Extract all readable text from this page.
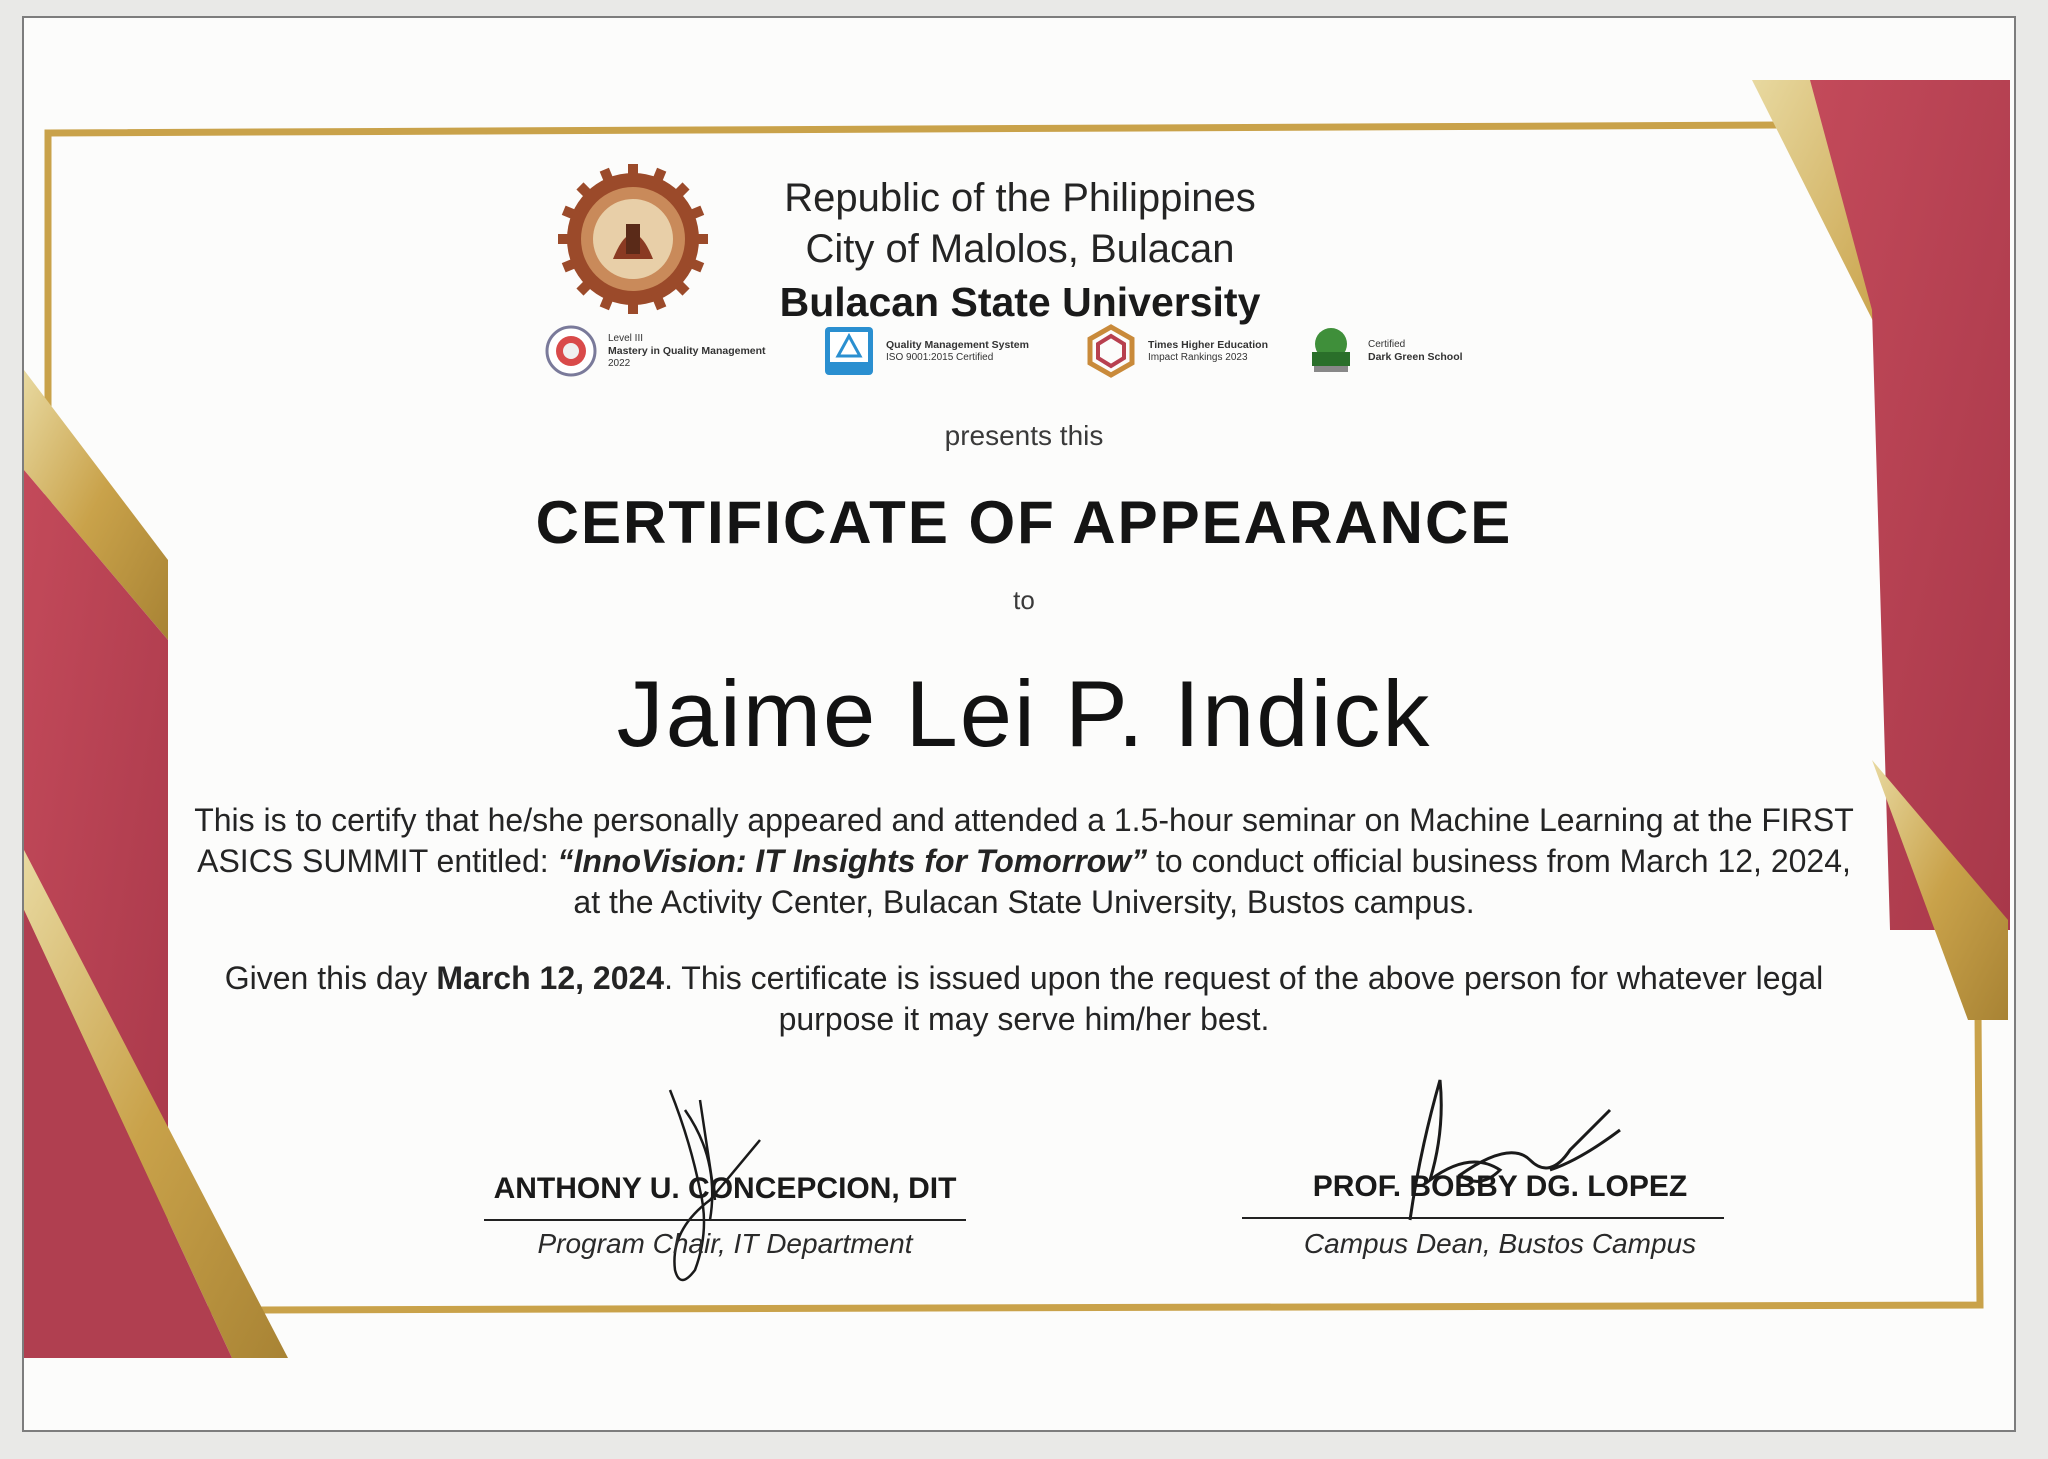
Republic of the Philippines
City of Malolos, Bulacan
Bulacan State University
Level III
Mastery in Quality Management
2022
Quality Management System
ISO 9001:2015 Certified
Times Higher Education
Impact Rankings 2023
Certified
Dark Green School
presents this
CERTIFICATE OF APPEARANCE
to
Jaime Lei P. Indick
This is to certify that he/she personally appeared and attended a 1.5-hour seminar on Machine Learning at the FIRST ASICS SUMMIT entitled: “InnoVision: IT Insights for Tomorrow” to conduct official business from March 12, 2024, at the Activity Center, Bulacan State University, Bustos campus.
Given this day March 12, 2024. This certificate is issued upon the request of the above person for whatever legal purpose it may serve him/her best.
ANTHONY U. CONCEPCION, DIT
Program Chair, IT Department
PROF. BOBBY DG. LOPEZ
Campus Dean, Bustos Campus
